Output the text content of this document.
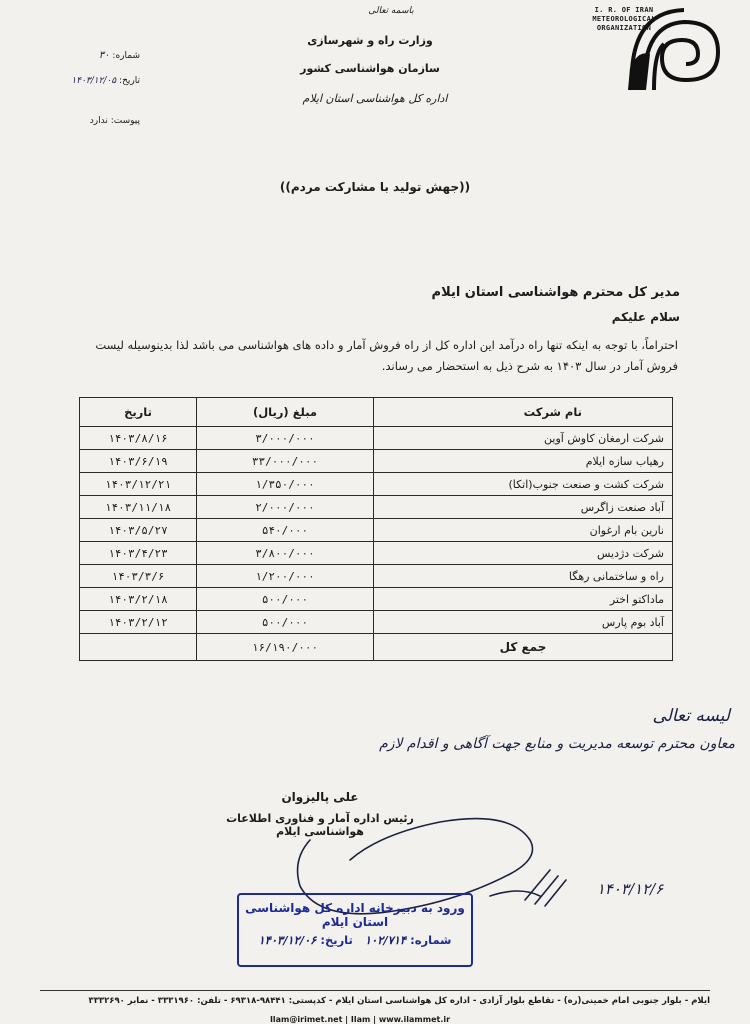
I. R. OF IRAN METEOROLOGICAL ORGANIZATION
باسمه تعالی
وزارت راه و شهرسازی
سازمان هواشناسی کشور
اداره کل هواشناسی استان ایلام
شماره: ۳۰
تاریخ: ۱۴۰۳/۱۲/۰۵
پیوست: ندارد
((جهش تولید با مشارکت مردم))
مدیر کل محترم هواشناسی استان ایلام
سلام علیکم
احتراماً، با توجه به اینکه تنها راه درآمد این اداره کل از راه فروش آمار و داده های هواشناسی می باشد لذا بدینوسیله لیست
فروش آمار در سال ۱۴۰۳ به شرح ذیل به استحضار می رساند.
نام شرکت	مبلغ (ریال)	تاریخ
شرکت ارمغان کاوش آوین	۳/۰۰۰/۰۰۰	۱۴۰۳/۸/۱۶
رهیاب سازه ایلام	۳۳/۰۰۰/۰۰۰	۱۴۰۳/۶/۱۹
شرکت کشت و صنعت جنوب(اتکا)	۱/۳۵۰/۰۰۰	۱۴۰۳/۱۲/۲۱
آباد صنعت زاگرس	۲/۰۰۰/۰۰۰	۱۴۰۳/۱۱/۱۸
نارین بام ارغوان	۵۴۰/۰۰۰	۱۴۰۳/۵/۲۷
شرکت دژدیس	۳/۸۰۰/۰۰۰	۱۴۰۳/۴/۲۳
راه و ساختمانی رهگا	۱/۲۰۰/۰۰۰	۱۴۰۳/۳/۶
ماداکتو اختر	۵۰۰/۰۰۰	۱۴۰۳/۲/۱۸
آباد بوم پارس	۵۰۰/۰۰۰	۱۴۰۳/۲/۱۲
جمع کل	۱۶/۱۹۰/۰۰۰	
لیسه تعالی
معاون محترم توسعه مدیریت و منابع جهت آگاهی و اقدام لازم
علی پالیزوان
رئیس اداره آمار و فناوری اطلاعات هواشناسی ایلام
۱۴۰۳/۱۲/۶
ورود به دبیرخانه اداره کل هواشناسی استان ایلام
شماره: ۱۰۲/۷۱۴   تاریخ: ۱۴۰۳/۱۲/۰۶
ایلام - بلوار جنوبی امام خمینی(ره) - تقاطع بلوار آزادی - اداره کل هواشناسی استان ایلام - کدپستی: ۹۸۴۴۱-۶۹۳۱۸ - تلفن: ۳۳۳۱۹۶۰ - نمابر ۳۳۳۲۶۹۰
Ilam@irimet.net | Ilam | www.ilammet.ir
